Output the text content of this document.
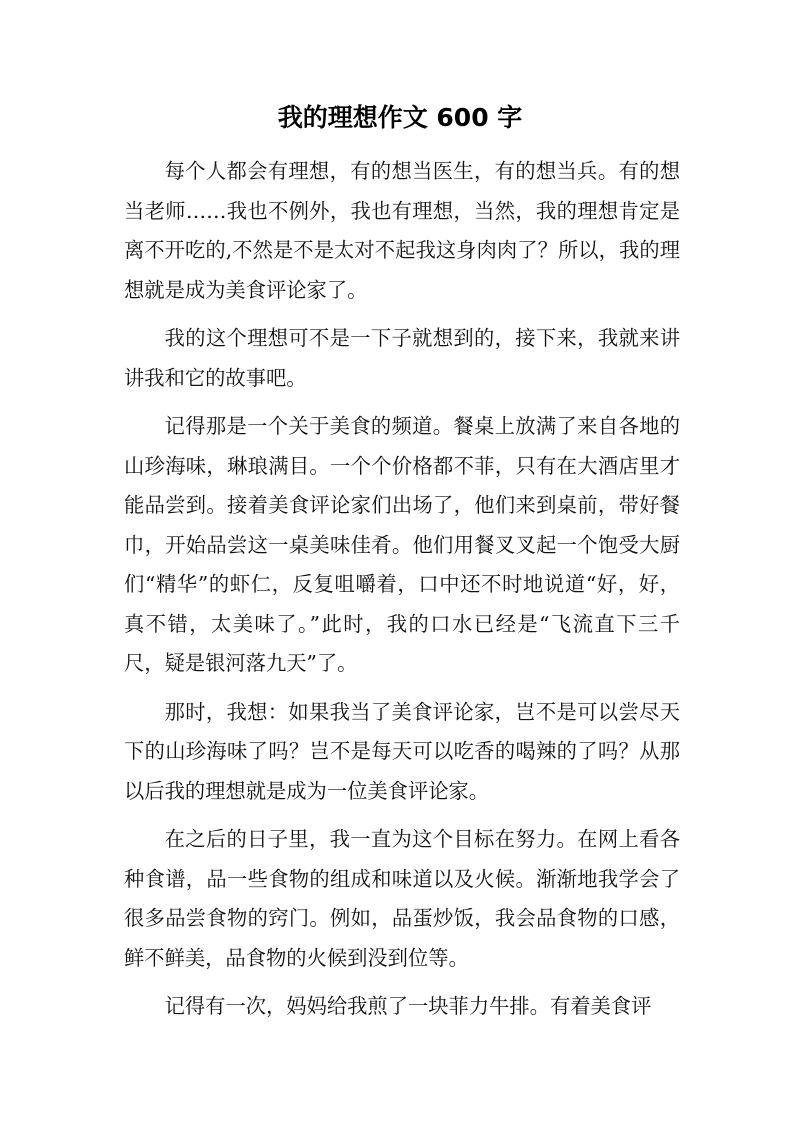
我的理想作文 600 字

每个人都会有理想，有的想当医生，有的想当兵。有的想当老师……我也不例外，我也有理想，当然，我的理想肯定是离不开吃的,不然是不是太对不起我这身肉肉了？所以，我的理想就是成为美食评论家了。

我的这个理想可不是一下子就想到的，接下来，我就来讲讲我和它的故事吧。

记得那是一个关于美食的频道。餐桌上放满了来自各地的山珍海味，琳琅满目。一个个价格都不菲，只有在大酒店里才能品尝到。接着美食评论家们出场了，他们来到桌前，带好餐巾，开始品尝这一桌美味佳肴。他们用餐叉叉起一个饱受大厨们“精华”的虾仁，反复咀嚼着，口中还不时地说道“好，好，真不错，太美味了。”此时，我的口水已经是“飞流直下三千尺，疑是银河落九天”了。

那时，我想：如果我当了美食评论家，岂不是可以尝尽天下的山珍海味了吗？岂不是每天可以吃香的喝辣的了吗？从那以后我的理想就是成为一位美食评论家。

在之后的日子里，我一直为这个目标在努力。在网上看各种食谱，品一些食物的组成和味道以及火候。渐渐地我学会了很多品尝食物的窍门。例如，品蛋炒饭，我会品食物的口感，鲜不鲜美，品食物的火候到没到位等。

记得有一次，妈妈给我煎了一块菲力牛排。有着美食评
